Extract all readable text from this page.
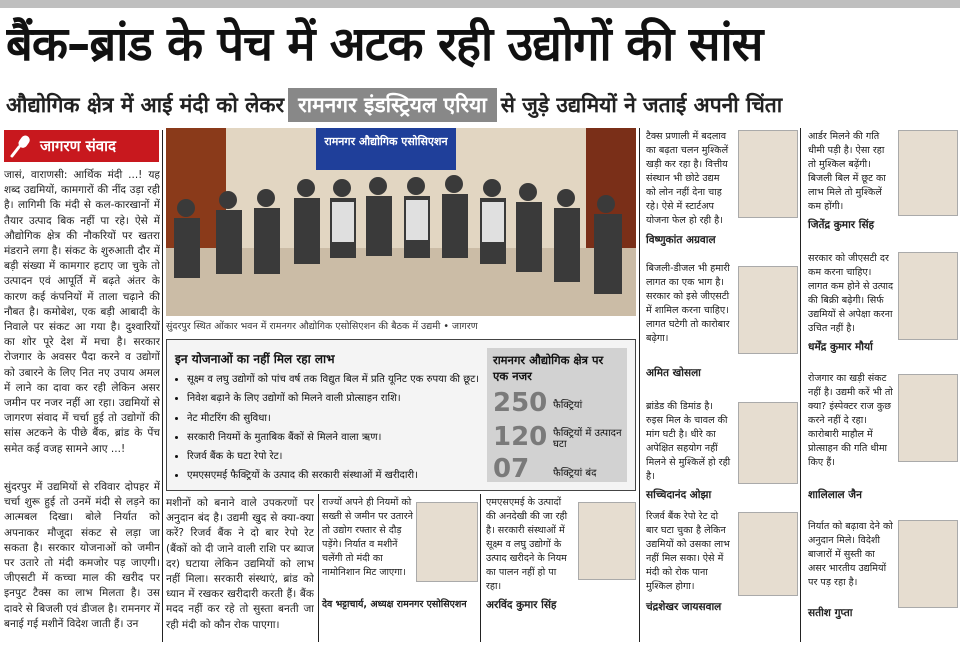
बैंक–ब्रांड के पेच में अटक रही उद्योगों की सांस
औद्योगिक क्षेत्र में आई मंदी को लेकर रामनगर इंडस्ट्रियल एरिया से जुड़े उद्यमियों ने जताई अपनी चिंता
जागरण संवाद
जासं, वाराणसी: आर्थिक मंदी ...! यह शब्द उद्यमियों, कामगारों की नींद उड़ा रही है। लागिमी कि मंदी से कल-कारखानों में तैयार उत्पाद बिक नहीं पा रहे। ऐसे में औद्योगिक क्षेत्र की नौकरियों पर खतरा मंडराने लगा है। संकट के शुरुआती दौर में बड़ी संख्या में कामगार हटाए जा चुके तो उत्पादन एवं आपूर्ति में बढ़ते अंतर के कारण कई कंपनियों में ताला चढ़ाने की नौबत है। कमोबेश, एक बड़ी आबादी के निवाले पर संकट आ गया है। दुश्वारियों का शोर पूरे देश में मचा है। सरकार रोजगार के अवसर पैदा करने व उद्योगों को उबारने के लिए नित नए उपाय अमल में लाने का दावा कर रही लेकिन असर जमीन पर नजर नहीं आ रहा। उद्यमियों से जागरण संवाद में चर्चा हुई तो उद्योगों की सांस अटकने के पीछे बैंक, ब्रांड के पेंच समेत कई वजह सामने आए ...!
सुंदरपुर में उद्यमियों से रविवार दोपहर में चर्चा शुरू हुई तो उनमें मंदी से लड़ने का आत्मबल दिखा। बोले निर्यात को अपनाकर मौजूदा संकट से लड़ा जा सकता है। सरकार योजनाओं को जमीन पर उतारे तो मंदी कमजोर पड़ जाएगी। जीएसटी में कच्चा माल की खरीद पर इनपुट टैक्स का लाभ मिलता है। उस दावरे से बिजली एवं डीजल है। रामनगर में बनाई गई मशीनें विदेश जाती हैं। उन
मशीनों को बनाने वाले उपकरणों पर अनुदान बंद है। उद्यमी खुद से क्या-क्या करें? रिजर्व बैंक ने दो बार रेपो रेट (बैंकों को दी जाने वाली राशि पर ब्याज दर) घटाया लेकिन उद्यमियों को लाभ नहीं मिला। सरकारी संस्थाएं, ब्रांड को ध्यान में रखकर खरीदारी करती हैं। बैंक मदद नहीं कर रहे तो सुस्ता बनती जा रही मंदी को कौन रोक पाएगा।
रामनगर औद्योगिक एसोसिएशन
सुंदरपुर स्थित ओंकार भवन में रामनगर औद्योगिक एसोसिएशन की बैठक में उद्यमी • जागरण
इन योजनाओं का नहीं मिल रहा लाभ
• सूक्ष्म व लघु उद्योगों को पांच वर्ष तक विद्युत बिल में प्रति यूनिट एक रुपया की छूट।
• निवेश बढ़ाने के लिए उद्योगों को मिलने वाली प्रोत्साहन राशि।
• नेट मीटरिंग की सुविधा।
• सरकारी नियमों के मुताबिक बैंकों से मिलने वाला ऋण।
• रिजर्व बैंक के घटा रेपो रेट।
• एमएसएमई फैक्ट्रियों के उत्पाद की सरकारी संस्थाओं में खरीदारी।
रामनगर औद्योगिक क्षेत्र पर एक नजर
250 फैक्ट्रियां
120 फैक्ट्रियों में उत्पादन घटा
07 फैक्ट्रियां बंद
राज्यों अपने ही नियमों को सख्ती से जमीन पर उतारने तो उद्योग रफ्तार से दौड़ पड़ेंगे। निर्यात व मशीनें चलेंगी तो मंदी का नामोनिशान मिट जाएगा।
देव भट्टाचार्य, अध्यक्ष रामनगर एसोसिएशन
एमएसएमई के उत्पादों की अनदेखी की जा रही है। सरकारी संस्थाओं में सूक्ष्म व लघु उद्योगों के उत्पाद खरीदने के नियम का पालन नहीं हो पा रहा।
अरविंद कुमार सिंह
टैक्स प्रणाली में बदलाव का बढ़ता चलन मुश्किलें खड़ी कर रहा है। वित्तीय संस्थान भी छोटे उद्यम को लोन नहीं देना चाह रहे। ऐसे में स्टार्टअप योजना फेल हो रही है।
विष्णुकांत अग्रवाल
बिजली-डीजल भी हमारी लागत का एक भाग है। सरकार को इसे जीएसटी में शामिल करना चाहिए। लागत घटेगी तो कारोबार बढ़ेगा।
अमित खोसला
ब्रांडेड की डिमांड है। रुइस मिल के चावल की मांग घटी है। धीरे का अपेक्षित सहयोग नहीं मिलने से मुश्किलें हो रही है।
सच्चिदानंद ओझा
रिजर्व बैंक रेपो रेट दो बार घटा चुका है लेकिन उद्यमियों को उसका लाभ नहीं मिल सका। ऐसे में मंदी को रोक पाना मुश्किल होगा।
चंद्रशेखर जायसवाल
आर्डर मिलने की गति धीमी पड़ी है। ऐसा रहा तो मुश्किल बढ़ेंगी। बिजली बिल में छूट का लाभ मिले तो मुश्किलें कम होंगी।
जितेंद्र कुमार सिंह
सरकार को जीएसटी दर कम करना चाहिए। लागत कम होने से उत्पाद की बिक्री बढ़ेगी। सिर्फ उद्यमियों से अपेक्षा करना उचित नहीं है।
धर्मेंद्र कुमार मौर्या
रोजगार का खड़ी संकट नहीं है। उद्यमी करें भी तो क्या? इंस्पेक्टर राज कुछ करने नहीं दे रहा। कारोबारी माहौल में प्रोत्साहन की गति धीमा किए हैं।
शालिलाल जैन
निर्यात को बढ़ावा देने को अनुदान मिले। विदेशी बाजारों में सुस्ती का असर भारतीय उद्यमियों पर पड़ रहा है।
सतीश गुप्ता
